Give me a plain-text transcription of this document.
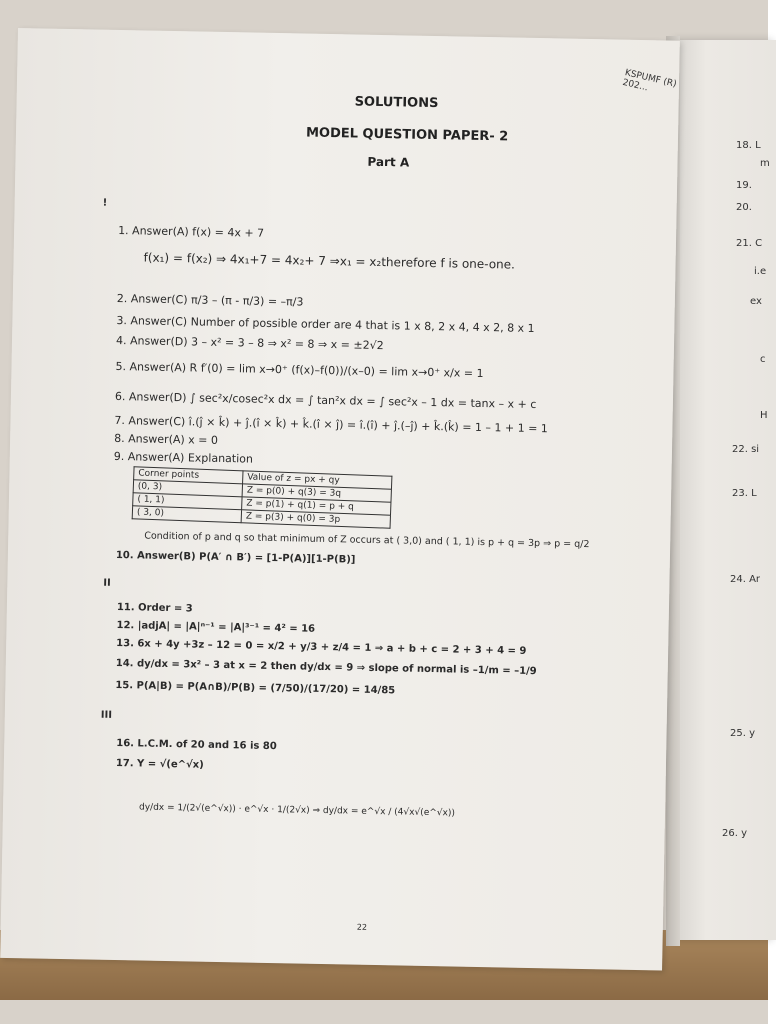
KSPUMF (R) 202...
SOLUTIONS
MODEL QUESTION PAPER- 2
Part A
!
1. Answer(A) f(x) = 4x + 7
f(x₁) = f(x₂) ⇒ 4x₁+7 = 4x₂+ 7 ⇒x₁ = x₂therefore f is one-one.
2. Answer(C) π/3 – (π - π/3) = –π/3
3. Answer(C) Number of possible order are 4 that is 1 x 8, 2 x 4, 4 x 2, 8 x 1
4. Answer(D) 3 – x² = 3 – 8 ⇒ x² = 8 ⇒ x = ±2√2
5. Answer(A) R f′(0) = lim x→0⁺ (f(x)–f(0))/(x–0) = lim x→0⁺ x/x = 1
6. Answer(D) ∫ sec²x/cosec²x dx = ∫ tan²x dx = ∫ sec²x – 1 dx = tanx – x + c
7. Answer(C) î.(ĵ × k̂) + ĵ.(î × k̂) + k̂.(î × ĵ) = î.(î) + ĵ.(–ĵ) + k̂.(k̂) = 1 – 1 + 1 = 1
8. Answer(A) x = 0
9. Answer(A) Explanation
Corner points	Value of z = px + qy
(0, 3)	Z = p(0) + q(3) = 3q
( 1, 1)	Z = p(1) + q(1) = p + q
( 3, 0)	Z = p(3) + q(0) = 3p
Condition of p and q so that minimum of Z occurs at ( 3,0) and ( 1, 1) is p + q = 3p ⇒ p = q/2
10. Answer(B) P(A′ ∩ B′) = [1-P(A)][1-P(B)]
II
11. Order = 3
12. |adjA| = |A|ⁿ⁻¹ = |A|³⁻¹ = 4² = 16
13. 6x + 4y +3z – 12 = 0 = x/2 + y/3 + z/4 = 1 ⇒ a + b + c = 2 + 3 + 4 = 9
14. dy/dx = 3x² – 3 at x = 2 then dy/dx = 9 ⇒ slope of normal is –1/m = –1/9
15. P(A|B) = P(A∩B)/P(B) = (7/50)/(17/20) = 14/85
III
16. L.C.M. of 20 and 16 is 80
17. Y = √(e^√x)
dy/dx = 1/(2√(e^√x)) · e^√x · 1/(2√x) ⇒ dy/dx = e^√x / (4√x√(e^√x))
22
18. L
m
19.
20.
21. C
i.e
ex
c
H
22. si
23. L
24. Ar
25. y
26. y
